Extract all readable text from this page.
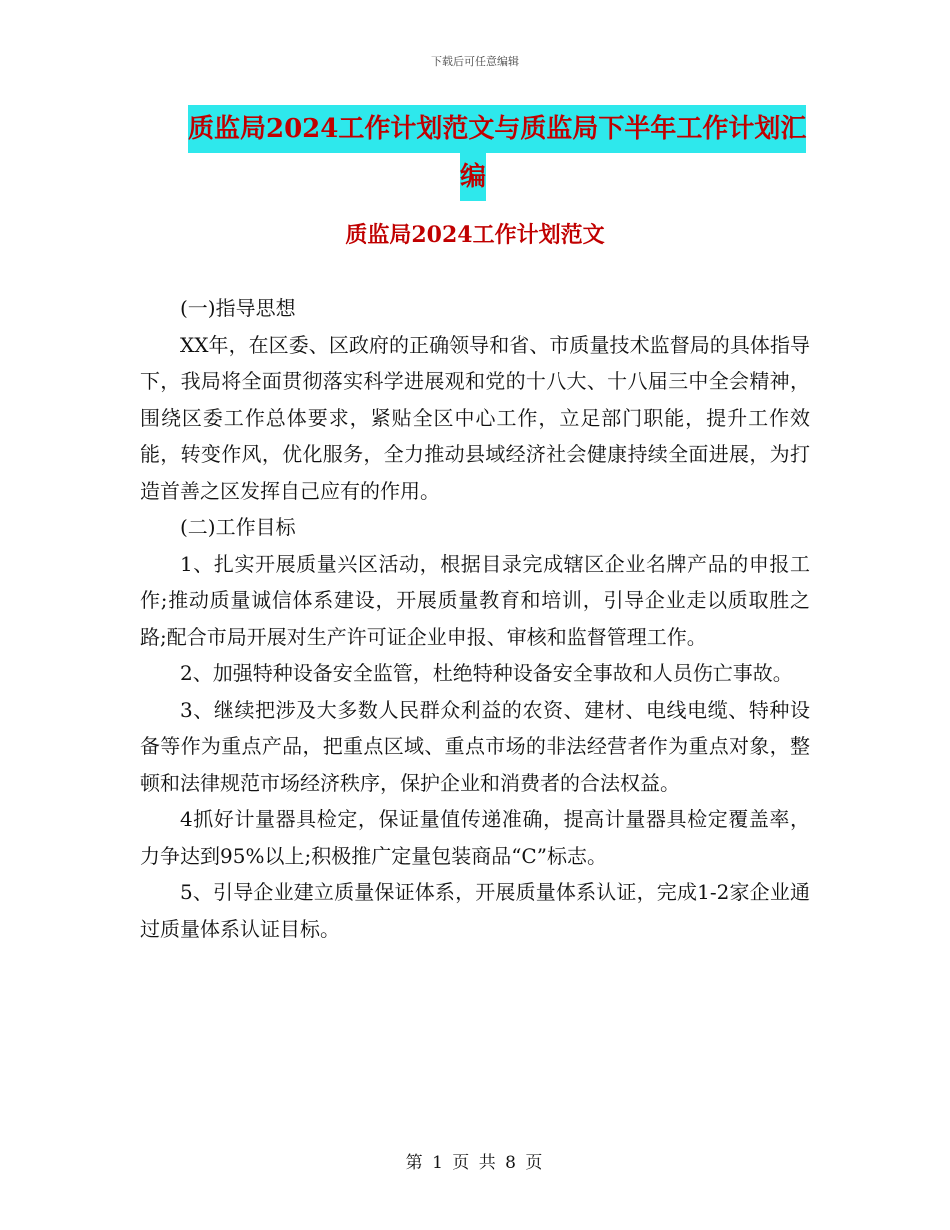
下载后可任意编辑
质监局2024工作计划范文与质监局下半年工作计划汇
编
质监局2024工作计划范文

(一)指导思想

XX年，在区委、区政府的正确领导和省、市质量技术监督局的具体指导下，我局将全面贯彻落实科学进展观和党的十八大、十八届三中全会精神，围绕区委工作总体要求，紧贴全区中心工作，立足部门职能，提升工作效能，转变作风，优化服务，全力推动县域经济社会健康持续全面进展，为打造首善之区发挥自己应有的作用。

(二)工作目标

1、扎实开展质量兴区活动，根据目录完成辖区企业名牌产品的申报工作;推动质量诚信体系建设，开展质量教育和培训，引导企业走以质取胜之路;配合市局开展对生产许可证企业申报、审核和监督管理工作。

2、加强特种设备安全监管，杜绝特种设备安全事故和人员伤亡事故。

3、继续把涉及大多数人民群众利益的农资、建材、电线电缆、特种设备等作为重点产品，把重点区域、重点市场的非法经营者作为重点对象，整顿和法律规范市场经济秩序，保护企业和消费者的合法权益。

4抓好计量器具检定，保证量值传递准确，提高计量器具检定覆盖率，力争达到95%以上;积极推广定量包装商品“C”标志。

5、引导企业建立质量保证体系，开展质量体系认证，完成1-2家企业通过质量体系认证目标。

第 1 页 共 8 页
